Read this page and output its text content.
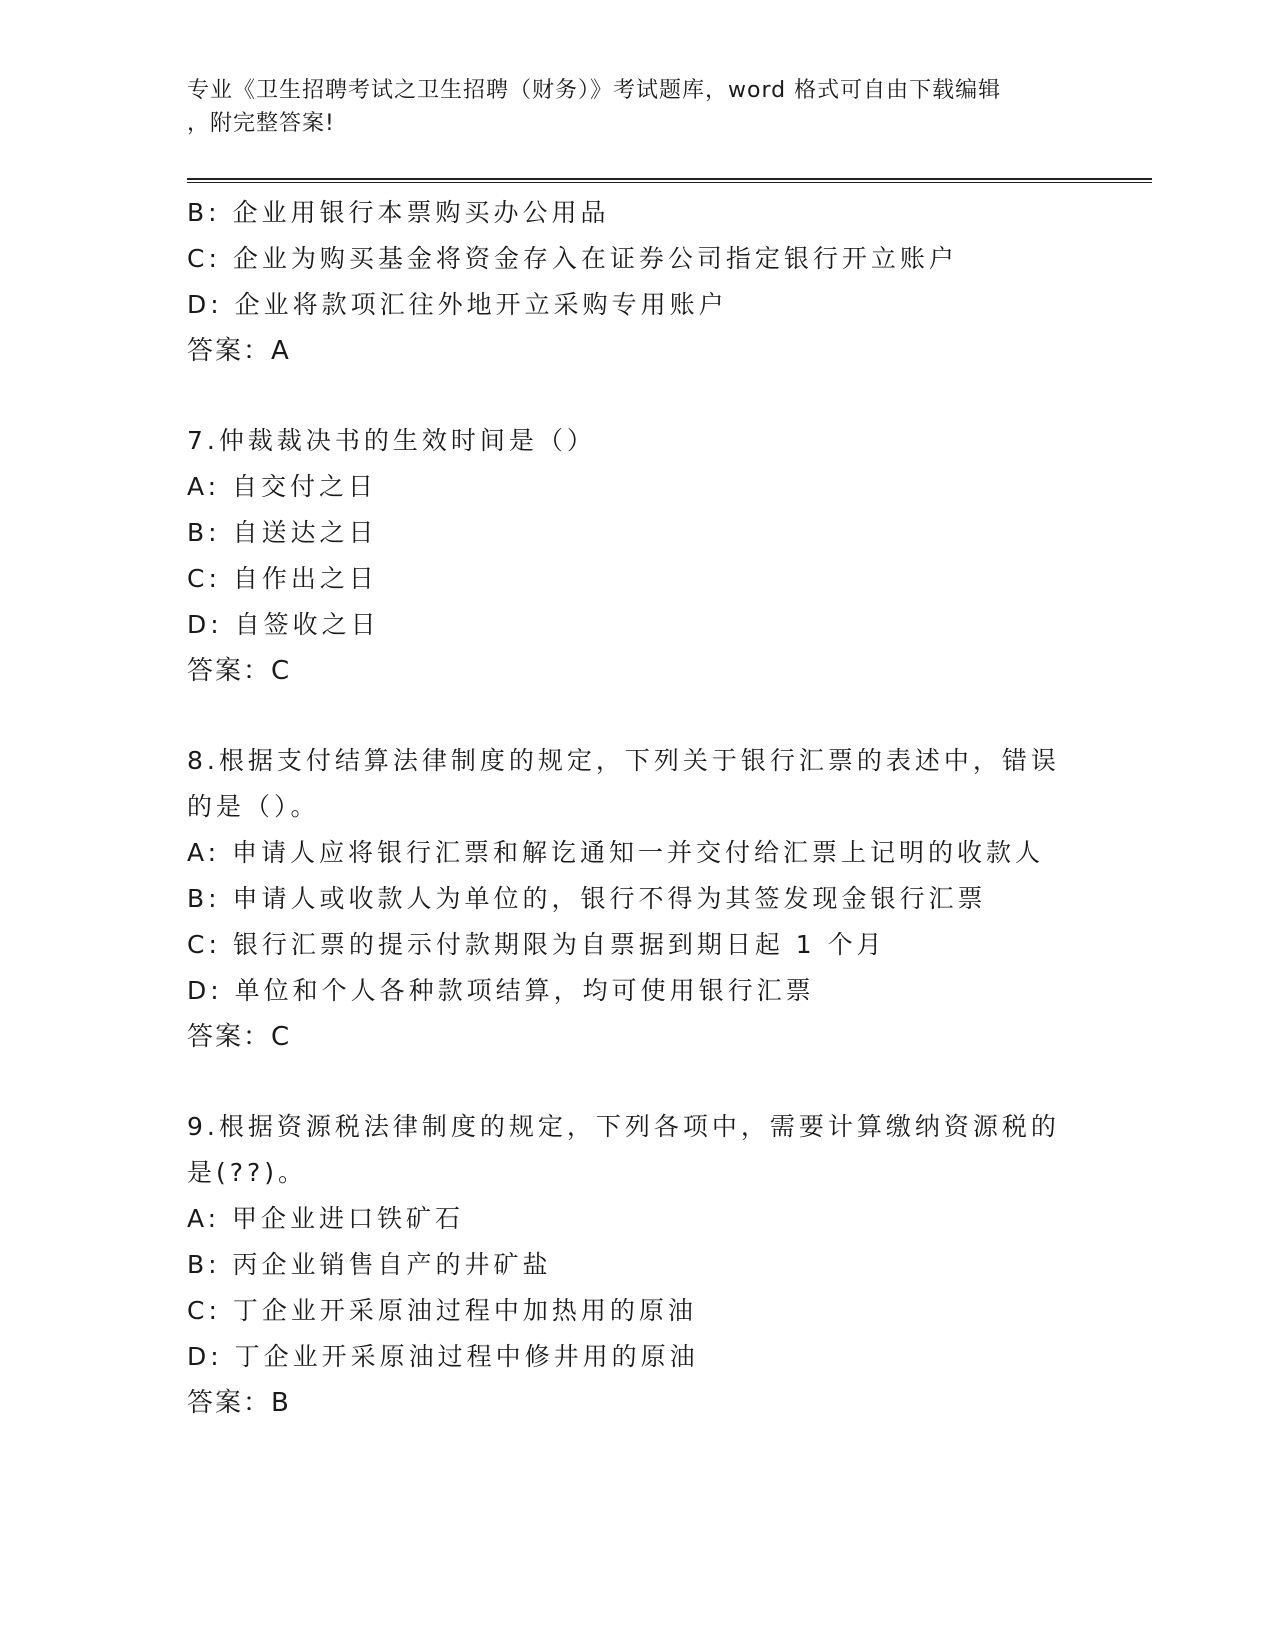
专业《卫生招聘考试之卫生招聘（财务）》考试题库，word 格式可自由下载编辑
，附完整答案!
B: 企业用银行本票购买办公用品
C: 企业为购买基金将资金存入在证券公司指定银行开立账户
D: 企业将款项汇往外地开立采购专用账户
答案：A
7.仲裁裁决书的生效时间是（）
A: 自交付之日
B: 自送达之日
C: 自作出之日
D: 自签收之日
答案：C
8.根据支付结算法律制度的规定，下列关于银行汇票的表述中，错误的是（）。
A: 申请人应将银行汇票和解讫通知一并交付给汇票上记明的收款人
B: 申请人或收款人为单位的，银行不得为其签发现金银行汇票
C: 银行汇票的提示付款期限为自票据到期日起 1 个月
D: 单位和个人各种款项结算，均可使用银行汇票
答案：C
9.根据资源税法律制度的规定，下列各项中，需要计算缴纳资源税的是(??)。
A: 甲企业进口铁矿石
B: 丙企业销售自产的井矿盐
C: 丁企业开采原油过程中加热用的原油
D: 丁企业开采原油过程中修井用的原油
答案：B
